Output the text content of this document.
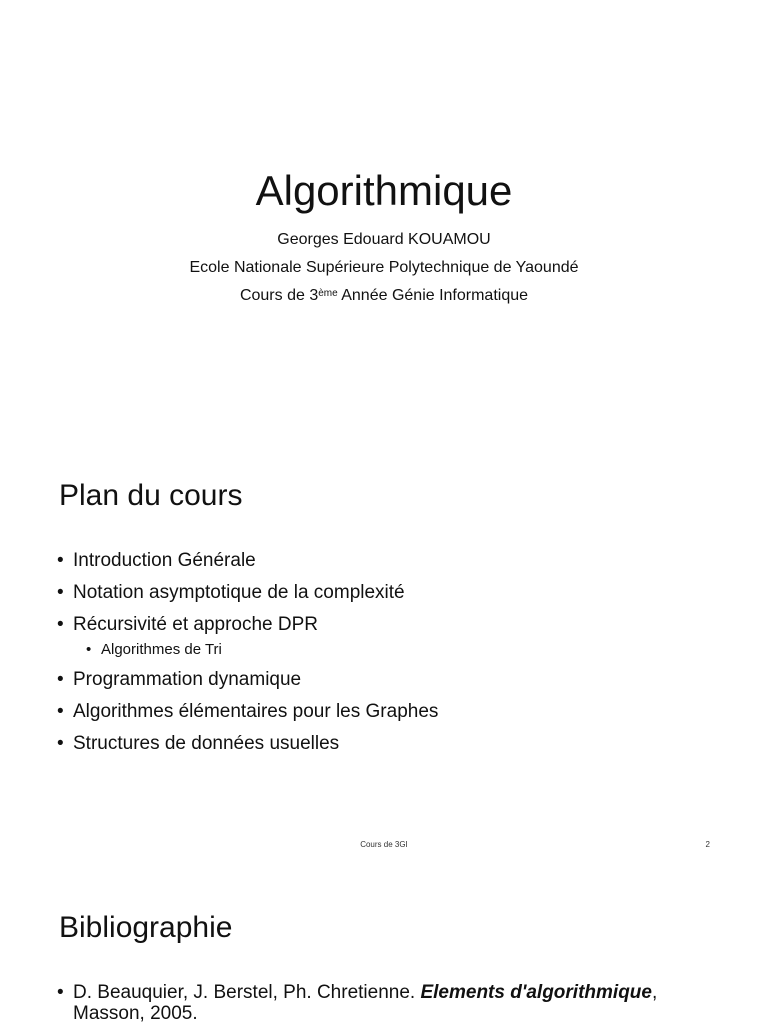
Algorithmique
Georges Edouard KOUAMOU
Ecole Nationale Supérieure Polytechnique de Yaoundé
Cours de 3ème Année Génie Informatique
Plan du cours
• Introduction Générale
• Notation asymptotique de la complexité
• Récursivité et approche DPR
• Algorithmes de Tri
• Programmation dynamique
• Algorithmes élémentaires pour les Graphes
• Structures de données usuelles
Cours de 3GI	2
Bibliographie
• D. Beauquier, J. Berstel, Ph. Chretienne. Elements d'algorithmique, Masson, 2005.
